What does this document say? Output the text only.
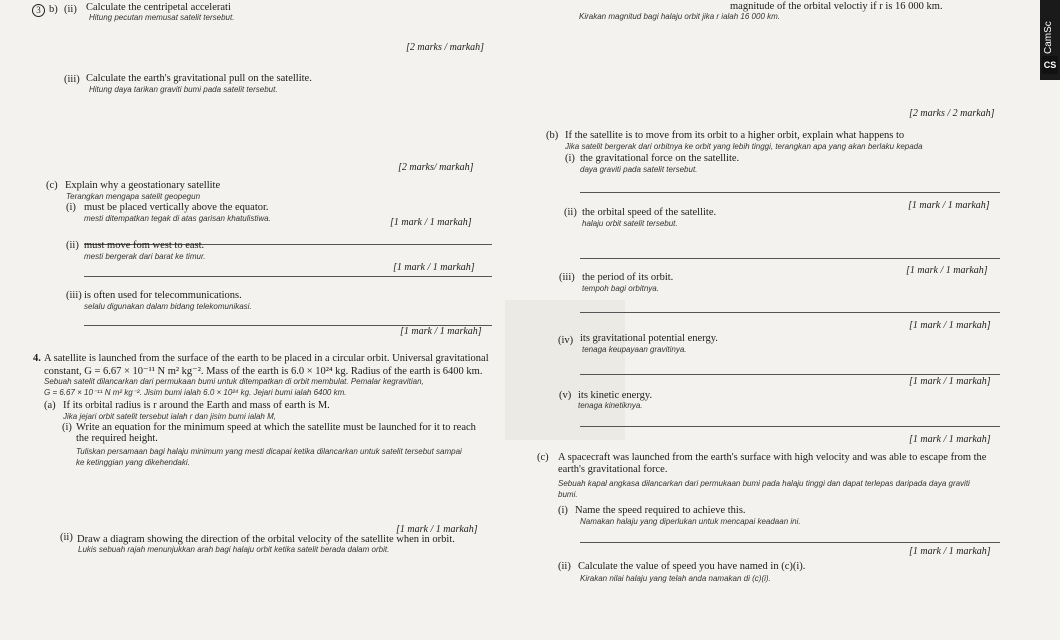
3 b) (ii) Calculate the centripetal accelerati
Hitung pecutan memusat satelit tersebut.
[2 marks / markah]
(iii) Calculate the earth's gravitational pull on the satellite.
Hitung daya tarikan graviti bumi pada satelit tersebut.
[2 marks/ markah]
(c) Explain why a geostationary satellite
Terangkan mengapa satelit geopegun
(i) must be placed vertically above the equator.
mesti ditempatkan tegak di atas garisan khatulistiwa.	[1 mark / 1 markah]
(ii) must move fom west to east.
mesti bergerak dari barat ke timur.
[1 mark / 1 markah]
(iii) is often used for telecommunications.
selalu digunakan dalam bidang telekomunikasi.
[1 mark / 1 markah]
4. A satellite is launched from the surface of the earth to be placed in a circular orbit. Universal gravitational
constant, G = 6.67 × 10⁻¹¹ N m² kg⁻². Mass of the earth is 6.0 × 10²⁴ kg. Radius of the earth is 6400 km.
Sebuah satelit dilancarkan dari permukaan bumi untuk ditempatkan di orbit membulat. Pemalar kegravitian,
G = 6.67 × 10⁻¹¹ N m² kg⁻². Jisim bumi ialah 6.0 × 10²⁴ kg. Jejari bumi ialah 6400 km.
(a) If its orbital radius is r around the Earth and mass of earth is M.
Jika jejari orbit satelit tersebut ialah r dan jisim bumi ialah M,
(i) Write an equation for the minimum speed at which the satellite must be launched for it to reach
the required height.
Tuliskan persamaan bagi halaju minimum yang mesti dicapai ketika dilancarkan untuk satelit tersebut sampai
ke ketinggian yang dikehendaki.
[1 mark / 1 markah]
(ii) Draw a diagram showing the direction of the orbital velocity of the satellite when in orbit.
Lukis sebuah rajah menunjukkan arah bagi halaju orbit ketika satelit berada dalam orbit.
magnitude of the orbital veloctiy if r is 16 000 km.
Kirakan magnitud bagi halaju orbit jika r ialah 16 000 km.
[2 marks / 2 markah]
(b) If the satellite is to move from its orbit to a higher orbit, explain what happens to
Jika satelit bergerak dari orbitnya ke orbit yang lebih tinggi, terangkan apa yang akan berlaku kepada
(i) the gravitational force on the satellite.
daya graviti pada satelit tersebut.
[1 mark / 1 markah]
(ii) the orbital speed of the satellite.
halaju orbit satelit tersebut.
[1 mark / 1 markah]
(iii) the period of its orbit.
tempoh bagi orbitnya.
[1 mark / 1 markah]
(iv) its gravitational potential energy.
tenaga keupayaan gravitinya.
[1 mark / 1 markah]
(v) its kinetic energy.
tenaga kinetiknya.
[1 mark / 1 markah]
(c) A spacecraft was launched from the earth's surface with high velocity and was able to escape from the
earth's gravitational force.
Sebuah kapal angkasa dilancarkan dari permukaan bumi pada halaju tinggi dan dapat terlepas daripada daya graviti
bumi.
(i) Name the speed required to achieve this.
Namakan halaju yang diperlukan untuk mencapai keadaan ini.
[1 mark / 1 markah]
(ii) Calculate the value of speed you have named in (c)(i).
Kirakan nilai halaju yang telah anda namakan di (c)(i).
CamSc
CS
